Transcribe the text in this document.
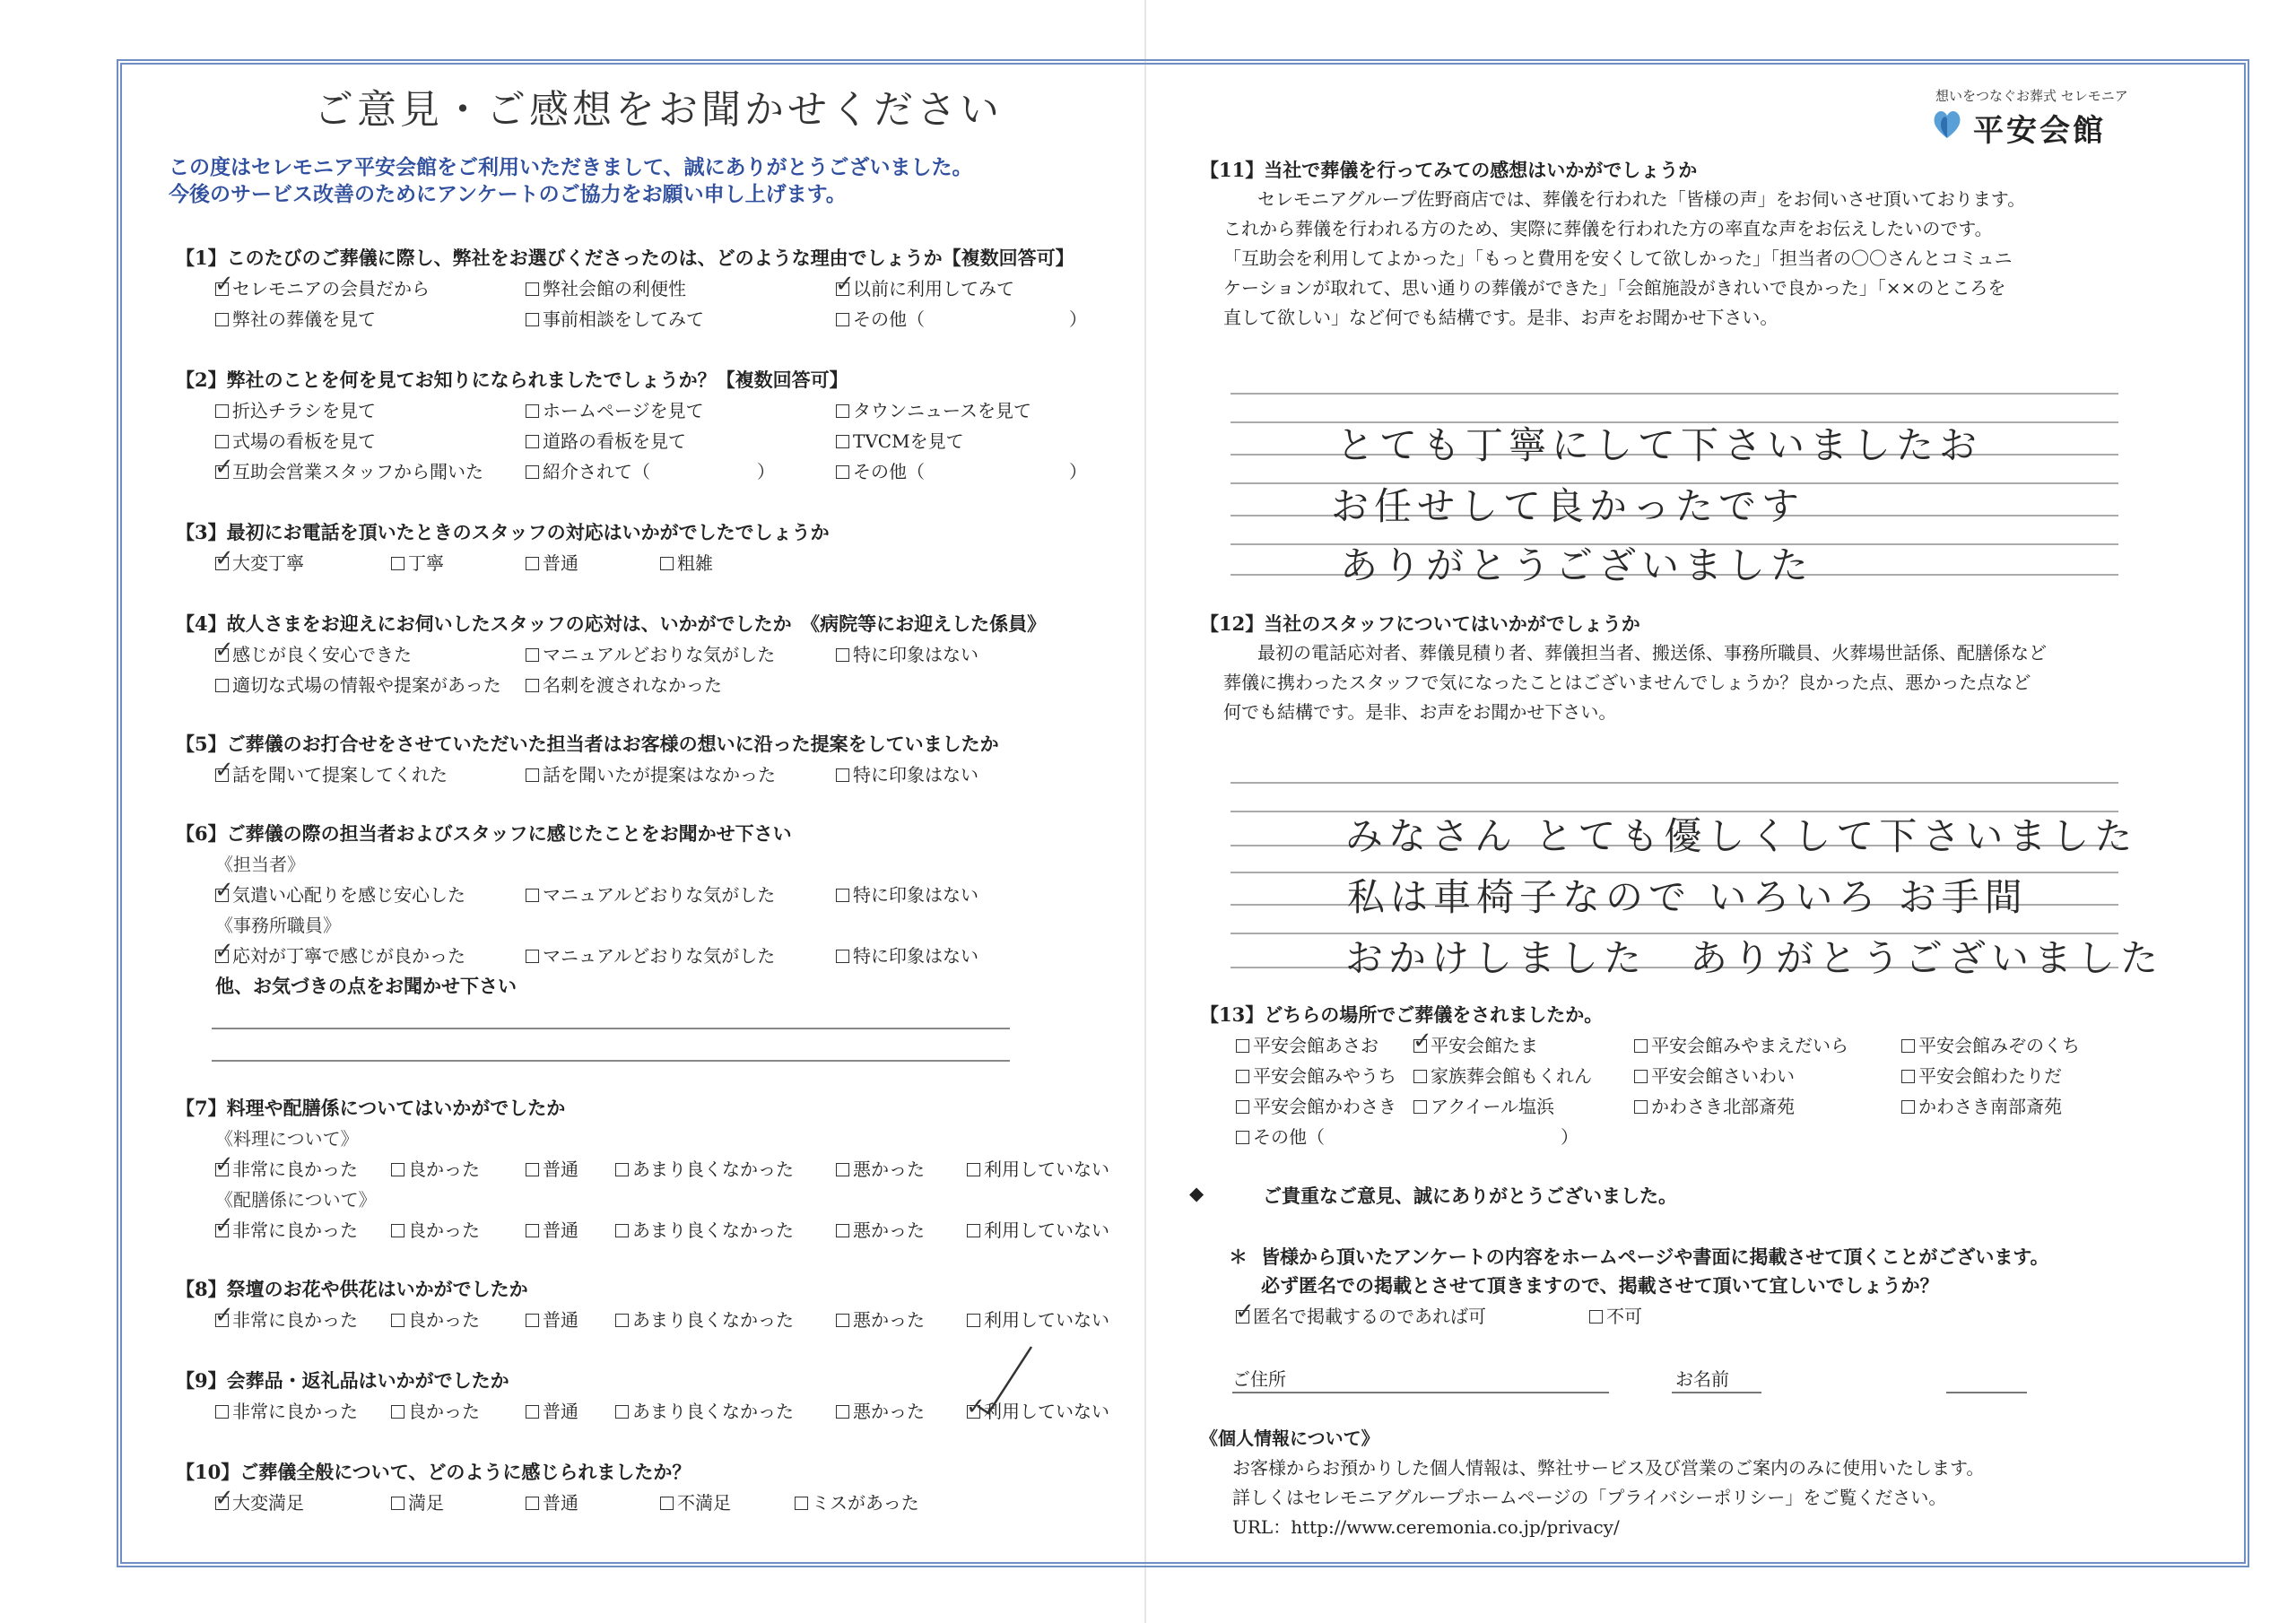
ご意見・ご感想をお聞かせください
この度はセレモニア平安会館をご利用いただきまして、誠にありがとうございました。
今後のサービス改善のためにアンケートのご協力をお願い申し上げます。
【1】このたびのご葬儀に際し、弊社をお選びくださったのは、どのような理由でしょうか【複数回答可】
✓セレモニアの会員だから	弊社会館の利便性 ✓	以前に利用してみて
弊社の葬儀を見て	事前相談をしてみて	その他（	）
【2】弊社のことを何を見てお知りになられましたでしょうか？【複数回答可】
折込チラシを見て	ホームページを見て	タウンニュースを見て
式場の看板を見て	道路の看板を見て	TVCMを見て
✓互助会営業スタッフから聞いた	紹介されて（	）	その他（	）
【3】最初にお電話を頂いたときのスタッフの対応はいかがでしたでしょうか
✓大変丁寧	丁寧	普通	粗雑
【4】故人さまをお迎えにお伺いしたスタッフの応対は、いかがでしたか　《病院等にお迎えした係員》
✓感じが良く安心できた	マニュアルどおりな気がした	特に印象はない
適切な式場の情報や提案があった	名刺を渡されなかった
【5】ご葬儀のお打合せをさせていただいた担当者はお客様の想いに沿った提案をしていましたか
✓話を聞いて提案してくれた	話を聞いたが提案はなかった	特に印象はない
【6】ご葬儀の際の担当者およびスタッフに感じたことをお聞かせ下さい
《担当者》
✓気遣い心配りを感じ安心した	マニュアルどおりな気がした	特に印象はない
《事務所職員》
✓応対が丁寧で感じが良かった	マニュアルどおりな気がした	特に印象はない
他、お気づきの点をお聞かせ下さい
【7】料理や配膳係についてはいかがでしたか
《料理について》
✓非常に良かった	良かった	普通	あまり良くなかった	悪かった	利用していない
《配膳係について》
✓非常に良かった	良かった	普通	あまり良くなかった	悪かった	利用していない
【8】祭壇のお花や供花はいかがでしたか
✓非常に良かった	良かった	普通	あまり良くなかった	悪かった	利用していない
【9】会葬品・返礼品はいかがでしたか
非常に良かった	良かった	普通	あまり良くなかった	悪かった ✓	利用していない
【10】ご葬儀全般について、どのように感じられましたか？
✓大変満足	満足	普通	不満足	ミスがあった
想いをつなぐお葬式 セレモニア
平安会館
【11】当社で葬儀を行ってみての感想はいかがでしょうか
セレモニアグループ佐野商店では、葬儀を行われた「皆様の声」をお伺いさせ頂いております。
これから葬儀を行われる方のため、実際に葬儀を行われた方の率直な声をお伝えしたいのです。
「互助会を利用してよかった」「もっと費用を安くして欲しかった」「担当者の〇〇さんとコミュニ
ケーションが取れて、思い通りの葬儀ができた」「会館施設がきれいで良かった」「××のところを
直して欲しい」など何でも結構です。是非、お声をお聞かせ下さい。
とても丁寧にして下さいましたお
お任せして良かったです
ありがとうございました
【12】当社のスタッフについてはいかがでしょうか
最初の電話応対者、葬儀見積り者、葬儀担当者、搬送係、事務所職員、火葬場世話係、配膳係など
葬儀に携わったスタッフで気になったことはございませんでしょうか？良かった点、悪かった点など
何でも結構です。是非、お声をお聞かせ下さい。
みなさん とても優しくして下さいました
私は車椅子なので いろいろ お手間
おかけしました　ありがとうございました
【13】どちらの場所でご葬儀をされましたか。
平安会館あさお ✓	平安会館たま	平安会館みやまえだいら	平安会館みぞのくち
平安会館みやうち	家族葬会館もくれん	平安会館さいわい	平安会館わたりだ
平安会館かわさき	アクイール塩浜	かわさき北部斎苑	かわさき南部斎苑
その他（	）
◆	ご貴重なご意見、誠にありがとうございました。
＊ 皆様から頂いたアンケートの内容をホームページや書面に掲載させて頂くことがございます。
必ず匿名での掲載とさせて頂きますので、掲載させて頂いて宜しいでしょうか？
✓匿名で掲載するのであれば可	不可
ご住所	お名前
《個人情報について》
お客様からお預かりした個人情報は、弊社サービス及び営業のご案内のみに使用いたします。
詳しくはセレモニアグループホームページの「プライバシーポリシー」をご覧ください。
URL：http://www.ceremonia.co.jp/privacy/
